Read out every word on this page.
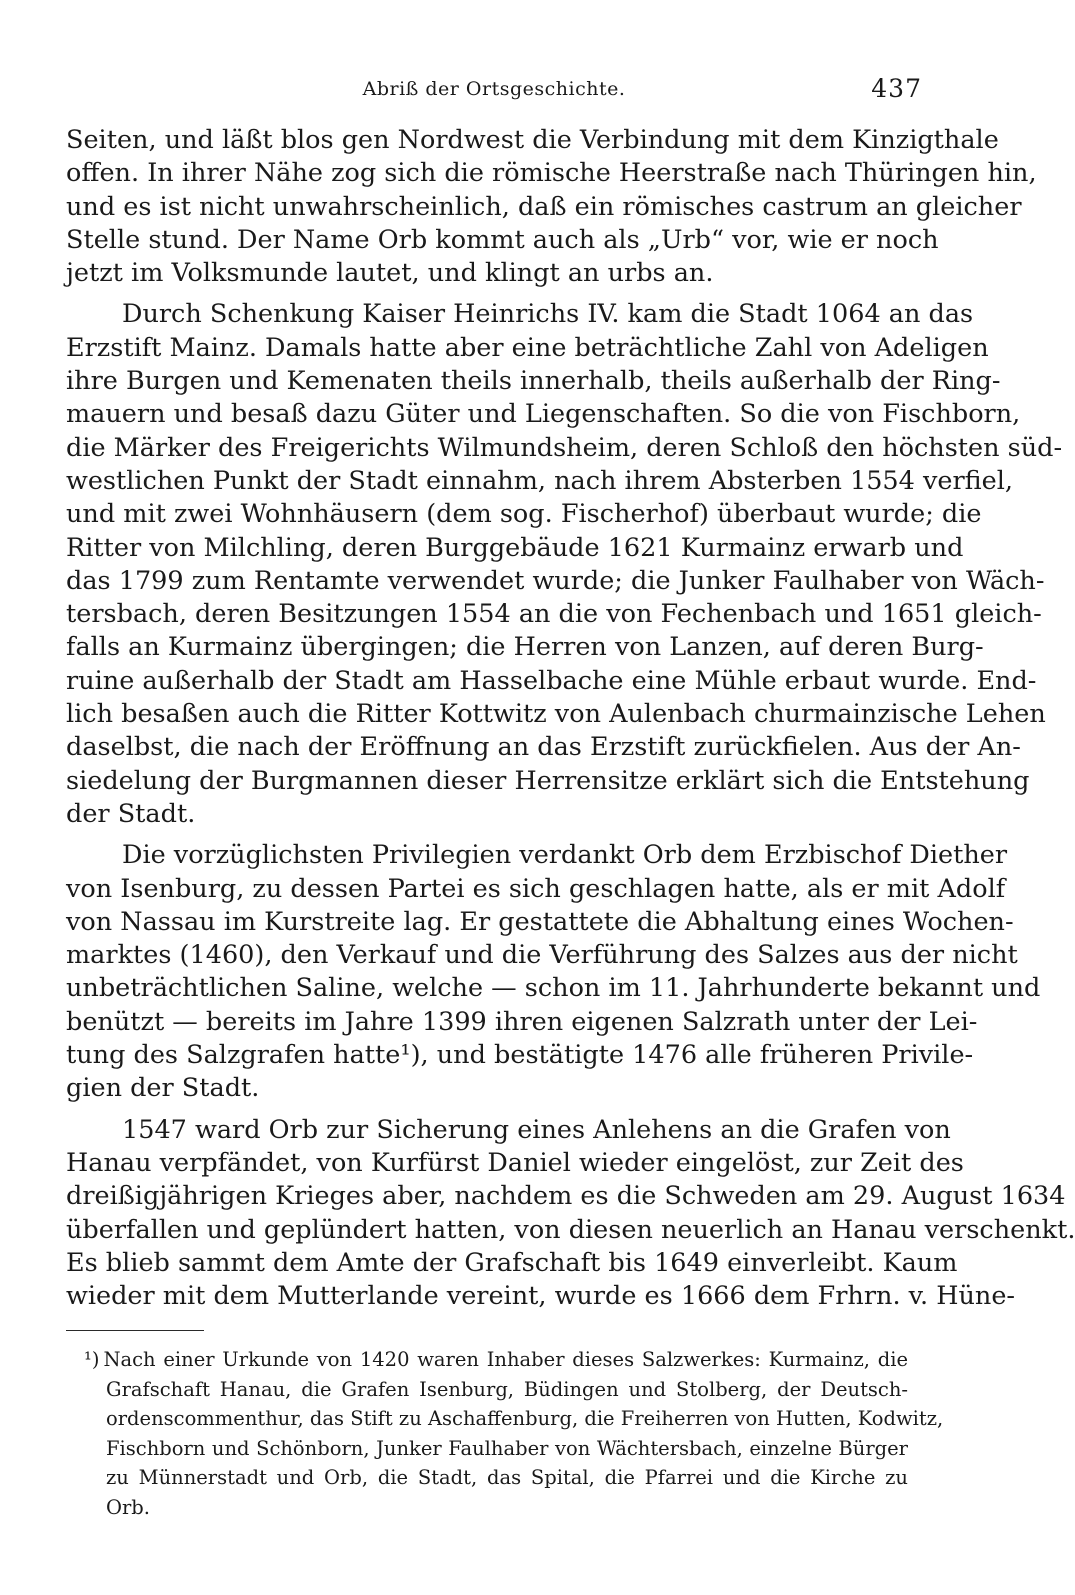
Abriß der Ortsgeschichte.	437
Seiten, und läßt blos gen Nordwest die Verbindung mit dem Kinzigthale
offen. In ihrer Nähe zog sich die römische Heerstraße nach Thüringen hin,
und es ist nicht unwahrscheinlich, daß ein römisches castrum an gleicher
Stelle stund. Der Name Orb kommt auch als „Urb“ vor, wie er noch
jetzt im Volksmunde lautet, und klingt an urbs an.
Durch Schenkung Kaiser Heinrichs IV. kam die Stadt 1064 an das
Erzstift Mainz. Damals hatte aber eine beträchtliche Zahl von Adeligen
ihre Burgen und Kemenaten theils innerhalb, theils außerhalb der Ring-
mauern und besaß dazu Güter und Liegenschaften. So die von Fischborn,
die Märker des Freigerichts Wilmundsheim, deren Schloß den höchsten süd-
westlichen Punkt der Stadt einnahm, nach ihrem Absterben 1554 verfiel,
und mit zwei Wohnhäusern (dem sog. Fischerhof) überbaut wurde; die
Ritter von Milchling, deren Burggebäude 1621 Kurmainz erwarb und
das 1799 zum Rentamte verwendet wurde; die Junker Faulhaber von Wäch-
tersbach, deren Besitzungen 1554 an die von Fechenbach und 1651 gleich-
falls an Kurmainz übergingen; die Herren von Lanzen, auf deren Burg-
ruine außerhalb der Stadt am Hasselbache eine Mühle erbaut wurde. End-
lich besaßen auch die Ritter Kottwitz von Aulenbach churmainzische Lehen
daselbst, die nach der Eröffnung an das Erzstift zurückfielen. Aus der An-
siedelung der Burgmannen dieser Herrensitze erklärt sich die Entstehung
der Stadt.
Die vorzüglichsten Privilegien verdankt Orb dem Erzbischof Diether
von Isenburg, zu dessen Partei es sich geschlagen hatte, als er mit Adolf
von Nassau im Kurstreite lag. Er gestattete die Abhaltung eines Wochen-
marktes (1460), den Verkauf und die Verführung des Salzes aus der nicht
unbeträchtlichen Saline, welche — schon im 11. Jahrhunderte bekannt und
benützt — bereits im Jahre 1399 ihren eigenen Salzrath unter der Lei-
tung des Salzgrafen hatte¹), und bestätigte 1476 alle früheren Privile-
gien der Stadt.
1547 ward Orb zur Sicherung eines Anlehens an die Grafen von
Hanau verpfändet, von Kurfürst Daniel wieder eingelöst, zur Zeit des
dreißigjährigen Krieges aber, nachdem es die Schweden am 29. August 1634
überfallen und geplündert hatten, von diesen neuerlich an Hanau verschenkt.
Es blieb sammt dem Amte der Grafschaft bis 1649 einverleibt. Kaum
wieder mit dem Mutterlande vereint, wurde es 1666 dem Frhrn. v. Hüne-
¹) Nach einer Urkunde von 1420 waren Inhaber dieses Salzwerkes: Kurmainz, die
Grafschaft Hanau, die Grafen Isenburg, Büdingen und Stolberg, der Deutsch-
ordenscommenthur, das Stift zu Aschaffenburg, die Freiherren von Hutten, Kodwitz,
Fischborn und Schönborn, Junker Faulhaber von Wächtersbach, einzelne Bürger
zu Münnerstadt und Orb, die Stadt, das Spital, die Pfarrei und die Kirche zu
Orb.
